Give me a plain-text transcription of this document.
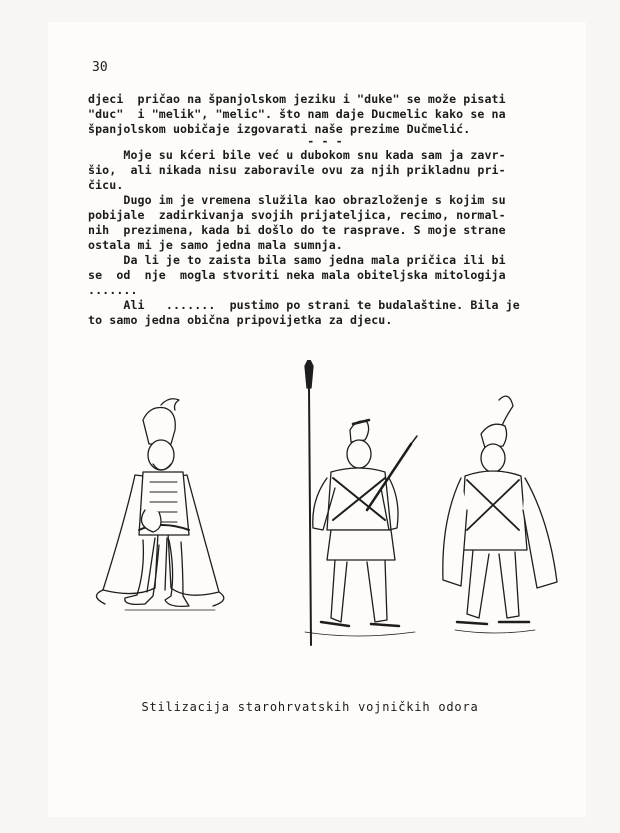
30
djeci  pričao na španjolskom jeziku i "duke" se može pisati
"duc"  i "melik", "melic". što nam daje Ducmelic kako se na
španjolskom uobičaje izgovarati naše prezime Dučmelić.
- - -
Moje su kćeri bile već u dubokom snu kada sam ja zavr-
šio,  ali nikada nisu zaboravile ovu za njih prikladnu pri-
čicu.
Dugo im je vremena služila kao obrazloženje s kojim su
pobijale  zadirkivanja svojih prijateljica, recimo, normal-
nih  prezimena, kada bi došlo do te rasprave. S moje strane
ostala mi je samo jedna mala sumnja.
Da li je to zaista bila samo jedna mala pričica ili bi
se  od  nje  mogla stvoriti neka mala obiteljska mitologija
.......
Ali   .......  pustimo po strani te budalaštine. Bila je
to samo jedna obična pripovijetka za djecu.
Stilizacija starohrvatskih vojničkih odora
